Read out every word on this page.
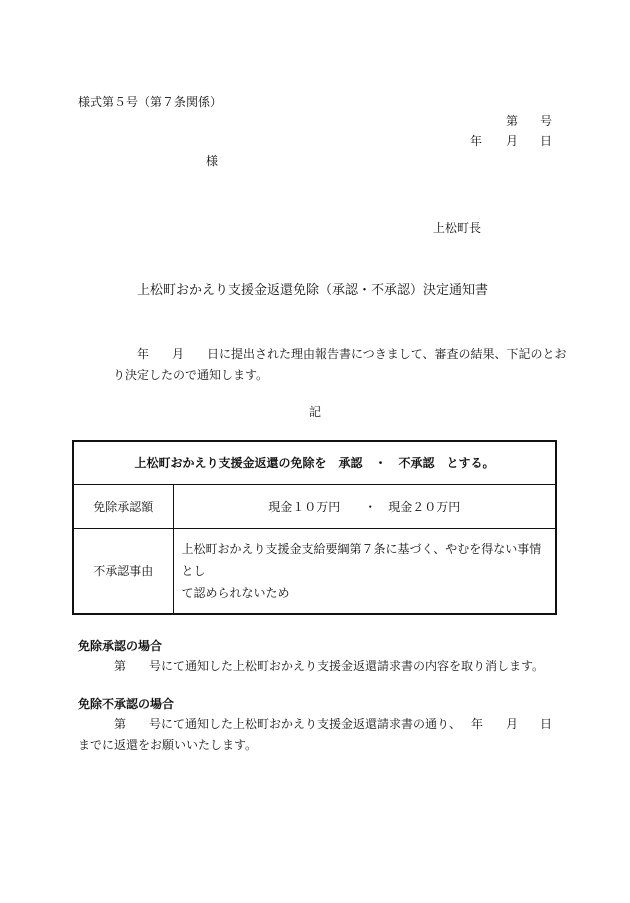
様式第５号（第７条関係）
第 号
年 月 日
様
上松町長
上松町おかえり支援金返還免除（承認・不承認）決定通知書
年 月 日に提出された理由報告書につきまして、審査の結果、下記のとお
り決定したので通知します。
記
上松町おかえり支援金返還の免除を　承認　・　不承認　とする。	
免除承認額	現金１０万円　　・　現金２０万円
不承認事由	上松町おかえり支援金支給要綱第７条に基づく、やむを得ない事情とし
て認められないため
免除承認の場合
第 号にて通知した上松町おかえり支援金返還請求書の内容を取り消します。
免除不承認の場合
第 号にて通知した上松町おかえり支援金返還請求書の通り、 年 月 日
までに返還をお願いいたします。
